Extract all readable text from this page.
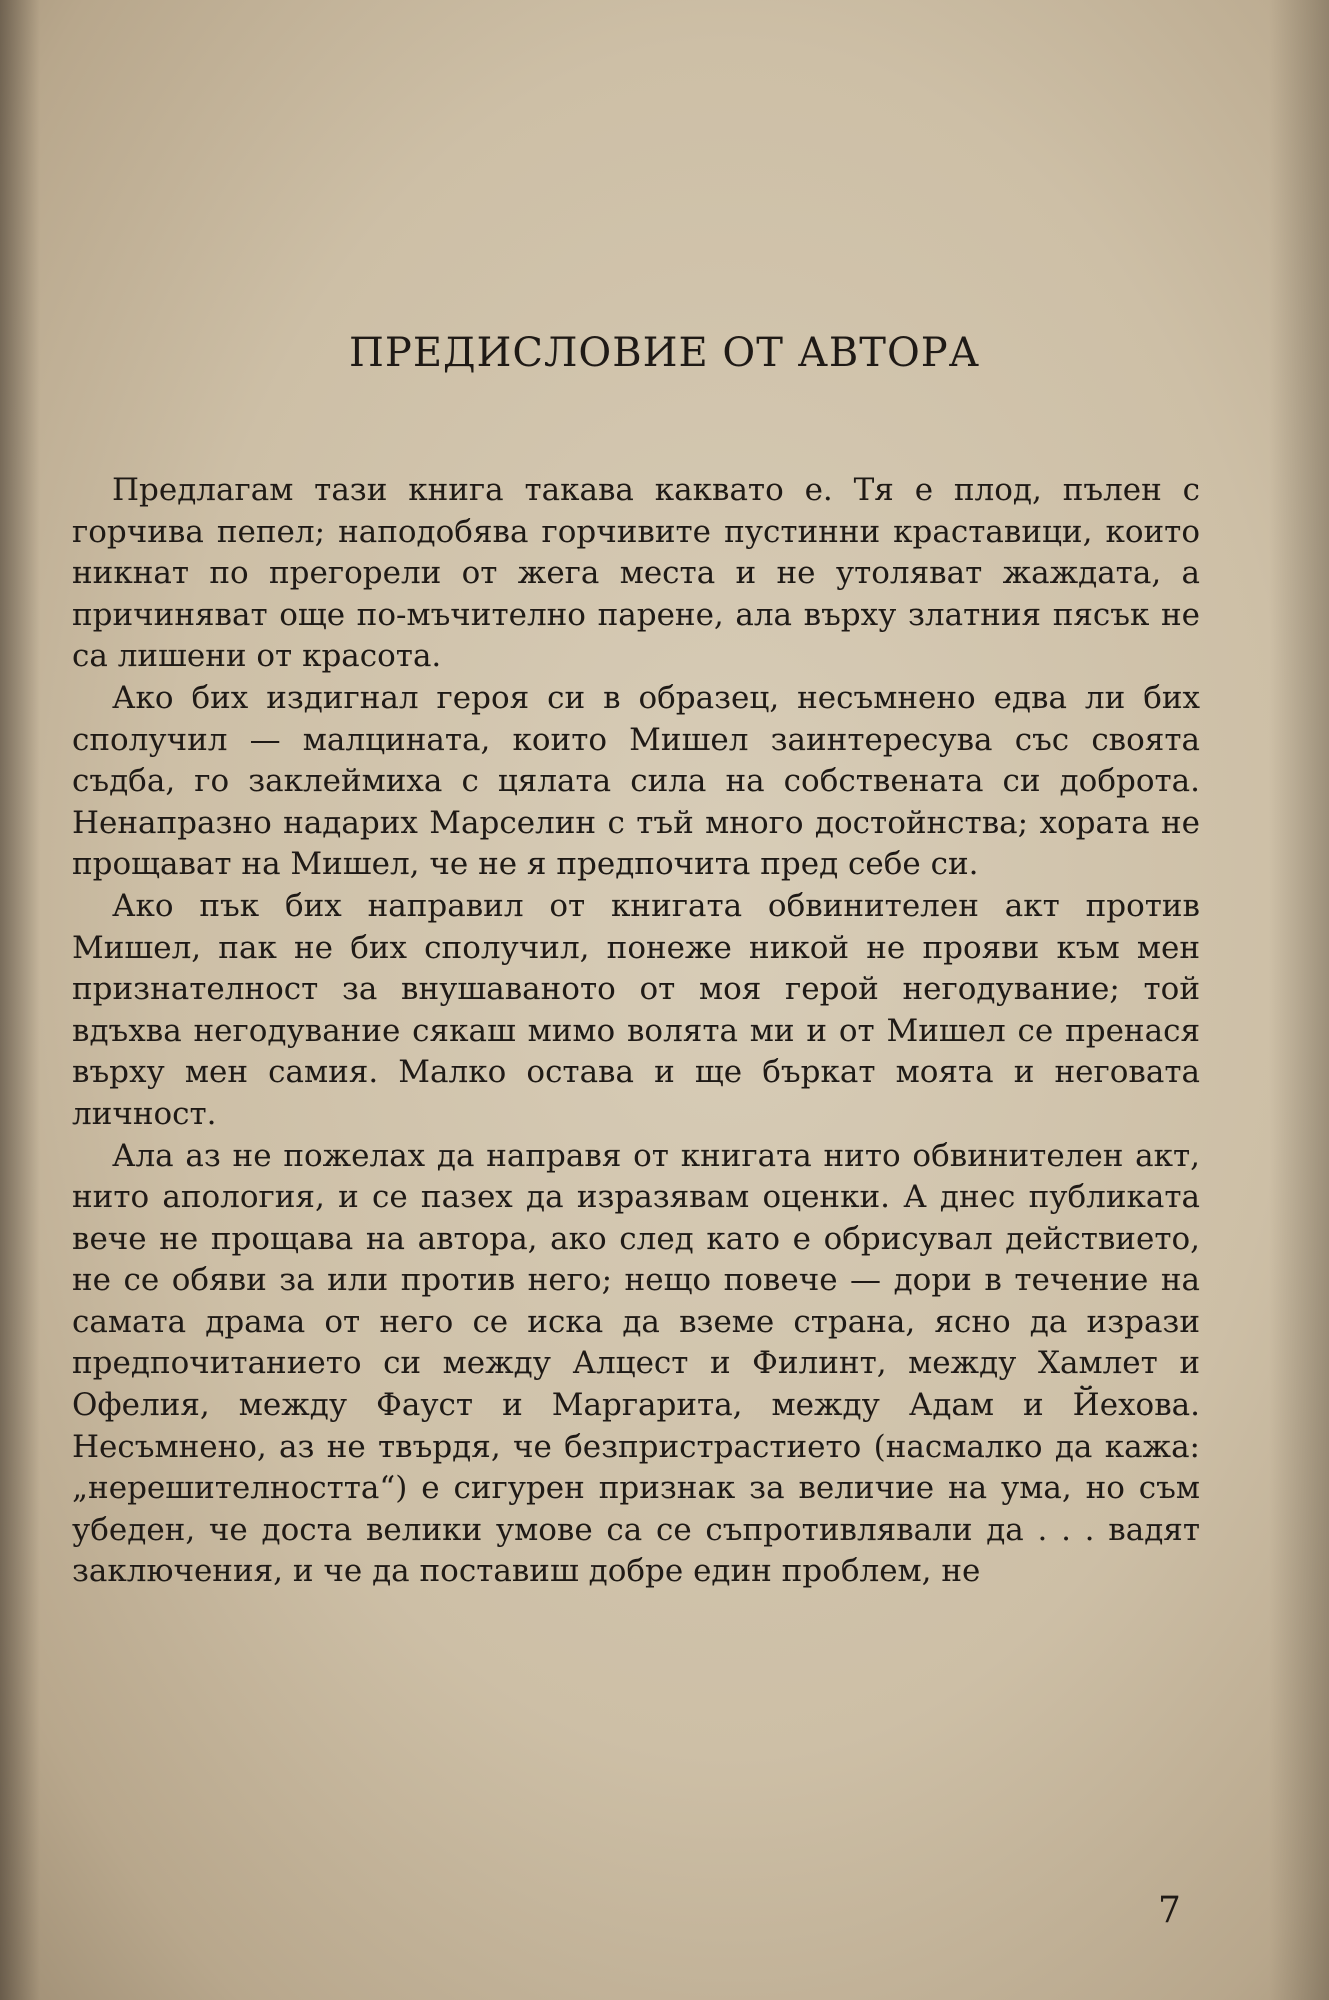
ПРЕДИСЛОВИЕ ОТ АВТОРА

Предлагам тази книга такава каквато е. Тя е плод, пълен с горчива пепел; наподобява горчивите пустинни краставици, които никнат по прегорели от жега места и не утоляват жаждата, а причиняват още по-мъчително парене, ала върху златния пясък не са лишени от красота.

Ако бих издигнал героя си в образец, несъмнено едва ли бих сполучил — малцината, които Мишел заинтересува със своята съдба, го заклеймиха с цялата сила на собствената си доброта. Ненапразно надарих Марселин с тъй много достойнства; хората не прощават на Мишел, че не я предпочита пред себе си.

Ако пък бих направил от книгата обвинителен акт против Мишел, пак не бих сполучил, понеже никой не прояви към мен признателност за внушаваното от моя герой негодувание; той вдъхва негодувание сякаш мимо волята ми и от Мишел се пренася върху мен самия. Малко остава и ще бъркат моята и неговата личност.

Ала аз не пожелах да направя от книгата нито обвинителен акт, нито апология, и се пазех да изразявам оценки. А днес публиката вече не прощава на автора, ако след като е обрисувал действието, не се обяви за или против него; нещо повече — дори в течение на самата драма от него се иска да вземе страна, ясно да изрази предпочитанието си между Алцест и Филинт, между Хамлет и Офелия, между Фауст и Маргарита, между Адам и Йехова. Несъмнено, аз не твърдя, че безпристрастието (насмалко да кажа: „нерешителността“) е сигурен признак за величие на ума, но съм убеден, че доста велики умове са се съпротивлявали да . . . вадят заключения, и че да поставиш добре един проблем, не

7
